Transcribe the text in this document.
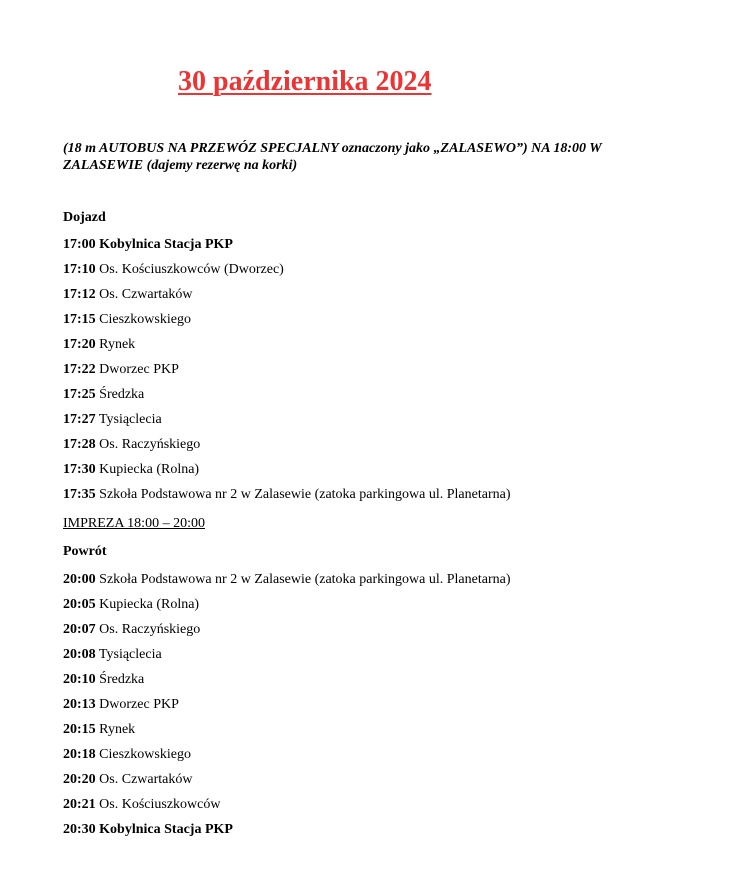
30 października 2024

(18 m AUTOBUS NA PRZEWÓZ SPECJALNY oznaczony jako „ZALASEWO”) NA 18:00 W ZALASEWIE (dajemy rezerwę na korki)

Dojazd
17:00 Kobylnica Stacja PKP
17:10 Os. Kościuszkowców (Dworzec)
17:12 Os. Czwartaków
17:15 Cieszkowskiego
17:20 Rynek
17:22 Dworzec PKP
17:25 Średzka
17:27 Tysiąclecia
17:28 Os. Raczyńskiego
17:30 Kupiecka (Rolna)
17:35 Szkoła Podstawowa nr 2 w Zalasewie (zatoka parkingowa ul. Planetarna)

IMPREZA 18:00 – 20:00

Powrót
20:00 Szkoła Podstawowa nr 2 w Zalasewie (zatoka parkingowa ul. Planetarna)
20:05 Kupiecka (Rolna)
20:07 Os. Raczyńskiego
20:08 Tysiąclecia
20:10 Średzka
20:13 Dworzec PKP
20:15 Rynek
20:18 Cieszkowskiego
20:20 Os. Czwartaków
20:21 Os. Kościuszkowców
20:30 Kobylnica Stacja PKP
